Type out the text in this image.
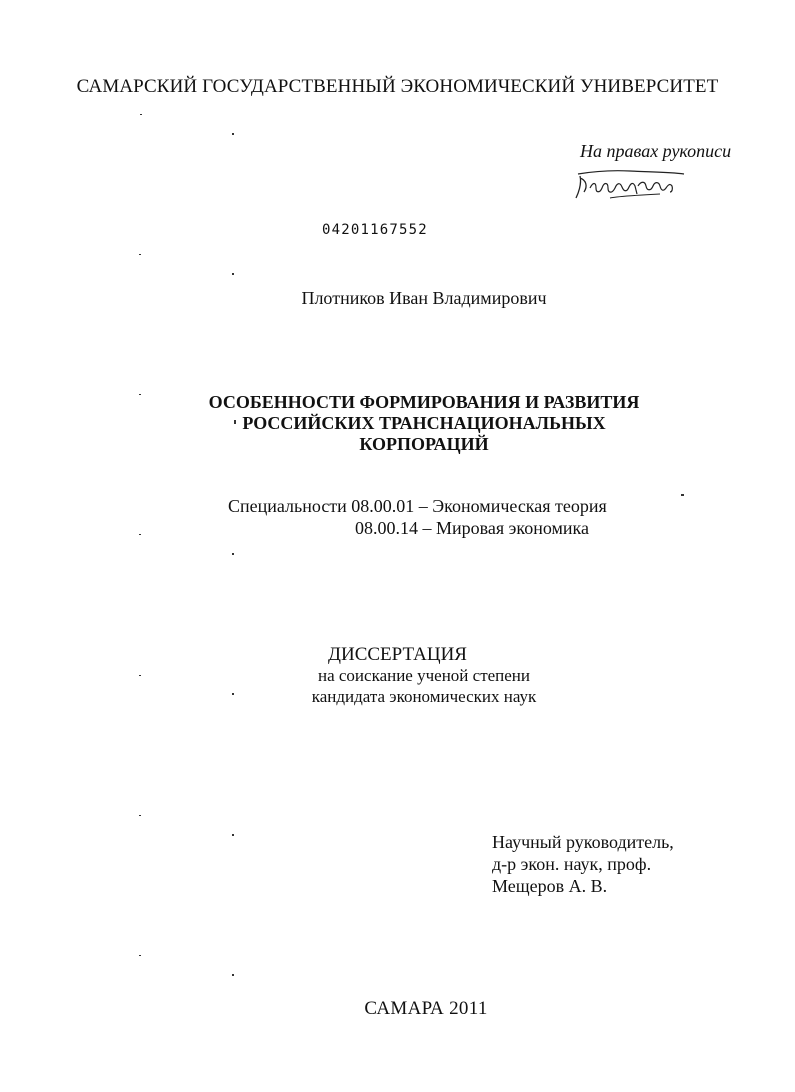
САМАРСКИЙ ГОСУДАРСТВЕННЫЙ ЭКОНОМИЧЕСКИЙ УНИВЕРСИТЕТ
На правах рукописи
04201167552
Плотников Иван Владимирович
ОСОБЕННОСТИ ФОРМИРОВАНИЯ И РАЗВИТИЯ
РОССИЙСКИХ ТРАНСНАЦИОНАЛЬНЫХ
КОРПОРАЦИЙ
Специальности 08.00.01 – Экономическая теория
08.00.14 – Мировая экономика
ДИССЕРТАЦИЯ
на соискание ученой степени
кандидата экономических наук
Научный руководитель,
д-р экон. наук, проф.
Мещеров А. В.
САМАРА 2011
